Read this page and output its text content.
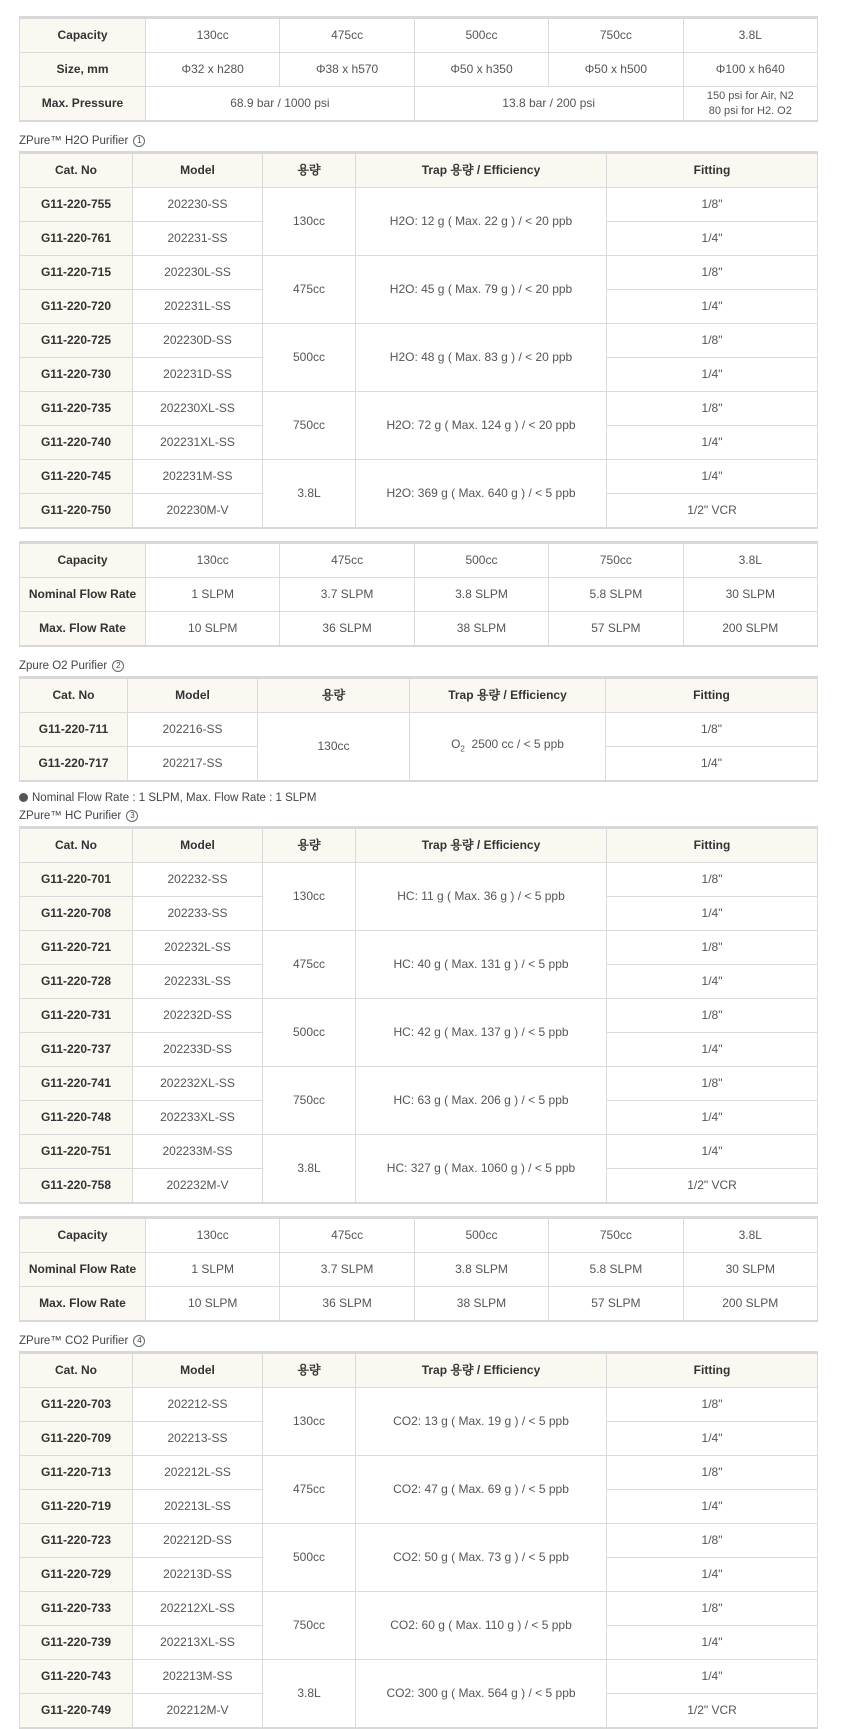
Capacity	130cc	475cc	500cc	750cc	3.8L
Size, mm	Φ32 x h280	Φ38 x h570	Φ50 x h350	Φ50 x h500	Φ100 x h640
Max. Pressure	68.9 bar / 1000 psi		13.8 bar / 200 psi		150 psi for Air, N2
80 psi for H2. O2
ZPure™ H2O Purifier 1
Cat. No	Model	용량	Trap 용량 / Efficiency	Fitting
G11-220-755	202230-SS	130cc	H2O: 12 g ( Max. 22 g ) / < 20 ppb	1/8"
G11-220-761	202231-SS			1/4"
G11-220-715	202230L-SS	475cc	H2O: 45 g ( Max. 79 g ) / < 20 ppb	1/8"
G11-220-720	202231L-SS			1/4"
G11-220-725	202230D-SS	500cc	H2O: 48 g ( Max. 83 g ) / < 20 ppb	1/8"
G11-220-730	202231D-SS			1/4"
G11-220-735	202230XL-SS	750cc	H2O: 72 g ( Max. 124 g ) / < 20 ppb	1/8"
G11-220-740	202231XL-SS			1/4"
G11-220-745	202231M-SS	3.8L	H2O: 369 g ( Max. 640 g ) / < 5 ppb	1/4"
G11-220-750	202230M-V			1/2" VCR
Capacity	130cc	475cc	500cc	750cc	3.8L
Nominal Flow Rate	1 SLPM	3.7 SLPM	3.8 SLPM	5.8 SLPM	30 SLPM
Max. Flow Rate	10 SLPM	36 SLPM	38 SLPM	57 SLPM	200 SLPM
Zpure O2 Purifier 2
Cat. No	Model	용량	Trap 용량 / Efficiency	Fitting
G11-220-711	202216-SS	130cc	$O_2$ 2500 cc / < 5 ppb	1/8"
G11-220-717	202217-SS			1/4"
Nominal Flow Rate : 1 SLPM, Max. Flow Rate : 1 SLPM
ZPure™ HC Purifier 3
Cat. No	Model	용량	Trap 용량 / Efficiency	Fitting
G11-220-701	202232-SS	130cc	HC: 11 g ( Max. 36 g ) / < 5 ppb	1/8"
G11-220-708	202233-SS			1/4"
G11-220-721	202232L-SS	475cc	HC: 40 g ( Max. 131 g ) / < 5 ppb	1/8"
G11-220-728	202233L-SS			1/4"
G11-220-731	202232D-SS	500cc	HC: 42 g ( Max. 137 g ) / < 5 ppb	1/8"
G11-220-737	202233D-SS			1/4"
G11-220-741	202232XL-SS	750cc	HC: 63 g ( Max. 206 g ) / < 5 ppb	1/8"
G11-220-748	202233XL-SS			1/4"
G11-220-751	202233M-SS	3.8L	HC: 327 g ( Max. 1060 g ) / < 5 ppb	1/4"
G11-220-758	202232M-V			1/2" VCR
Capacity	130cc	475cc	500cc	750cc	3.8L
Nominal Flow Rate	1 SLPM	3.7 SLPM	3.8 SLPM	5.8 SLPM	30 SLPM
Max. Flow Rate	10 SLPM	36 SLPM	38 SLPM	57 SLPM	200 SLPM
ZPure™ CO2 Purifier 4
Cat. No	Model	용량	Trap 용량 / Efficiency	Fitting
G11-220-703	202212-SS	130cc	CO2: 13 g ( Max. 19 g ) / < 5 ppb	1/8"
G11-220-709	202213-SS			1/4"
G11-220-713	202212L-SS	475cc	CO2: 47 g ( Max. 69 g ) / < 5 ppb	1/8"
G11-220-719	202213L-SS			1/4"
G11-220-723	202212D-SS	500cc	CO2: 50 g ( Max. 73 g ) / < 5 ppb	1/8"
G11-220-729	202213D-SS			1/4"
G11-220-733	202212XL-SS	750cc	CO2: 60 g ( Max. 110 g ) / < 5 ppb	1/8"
G11-220-739	202213XL-SS			1/4"
G11-220-743	202213M-SS	3.8L	CO2: 300 g ( Max. 564 g ) / < 5 ppb	1/4"
G11-220-749	202212M-V			1/2" VCR
